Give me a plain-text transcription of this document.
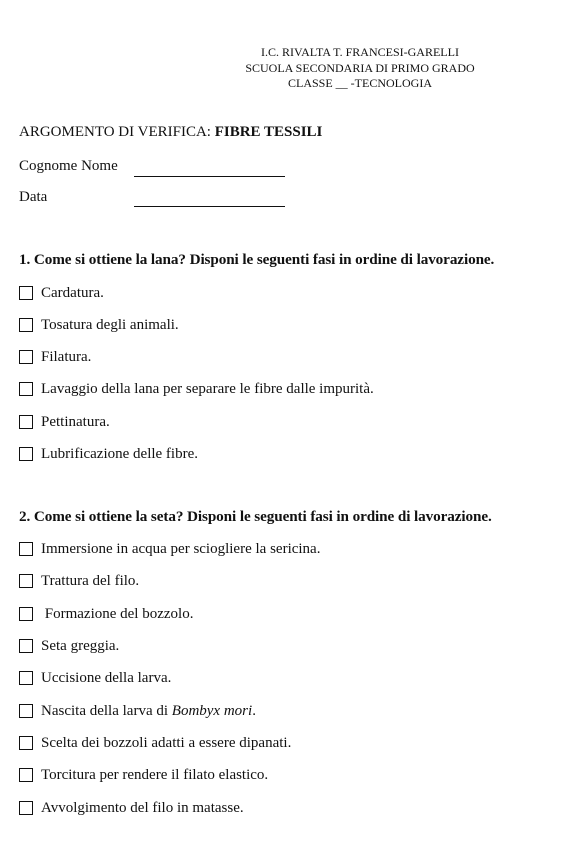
I.C. RIVALTA T. FRANCESI-GARELLI
SCUOLA SECONDARIA DI PRIMO GRADO
CLASSE __ -TECNOLOGIA
ARGOMENTO DI VERIFICA: FIBRE TESSILI
Cognome Nome
Data
1. Come si ottiene la lana? Disponi le seguenti fasi in ordine di lavorazione.
Cardatura.
Tosatura degli animali.
Filatura.
Lavaggio della lana per separare le fibre dalle impurità.
Pettinatura.
Lubrificazione delle fibre.
2. Come si ottiene la seta? Disponi le seguenti fasi in ordine di lavorazione.
Immersione in acqua per sciogliere la sericina.
Trattura del filo.
Formazione del bozzolo.
Seta greggia.
Uccisione della larva.
Nascita della larva di Bombyx mori .
Scelta dei bozzoli adatti a essere dipanati.
Torcitura per rendere il filato elastico.
Avvolgimento del filo in matasse.
